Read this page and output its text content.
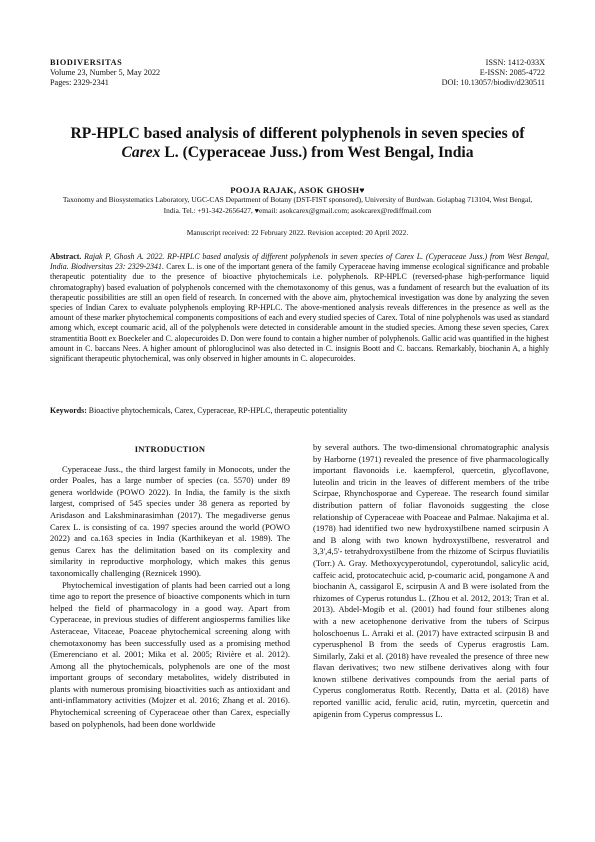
BIODIVERSITAS
Volume 23, Number 5, May 2022
Pages: 2329-2341
ISSN: 1412-033X
E-ISSN: 2085-4722
DOI: 10.13057/biodiv/d230511
RP-HPLC based analysis of different polyphenols in seven species of
Carex L. (Cyperaceae Juss.) from West Bengal, India
POOJA RAJAK, ASOK GHOSH♥
Taxonomy and Biosystematics Laboratory, UGC-CAS Department of Botany (DST-FIST sponsored), University of Burdwan. Golapbag 713104, West Bengal, India. Tel.: +91-342-2656427, ♥email: asokcarex@gmail.com; asokcarex@rediffmail.com
Manuscript received: 22 February 2022. Revision accepted: 20 April 2022.
Abstract. Rajak P, Ghosh A. 2022. RP-HPLC based analysis of different polyphenols in seven species of Carex L. (Cyperaceae Juss.) from West Bengal, India. Biodiversitas 23: 2329-2341. Carex L. is one of the important genera of the family Cyperaceae having immense ecological significance and probable therapeutic potentiality due to the presence of bioactive phytochemicals i.e. polyphenols. RP-HPLC (reversed-phase high-performance liquid chromatography) based evaluation of polyphenols concerned with the chemotaxonomy of this genus, was a fundament of research but the evaluation of its therapeutic possibilities are still an open field of research. In concerned with the above aim, phytochemical investigation was done by analyzing the seven species of Indian Carex to evaluate polyphenols employing RP-HPLC. The above-mentioned analysis reveals differences in the presence as well as the amount of these marker phytochemical components compositions of each and every studied species of Carex. Total of nine polyphenols was used as standard among which, except coumaric acid, all of the polyphenols were detected in considerable amount in the studied species. Among these seven species, Carex stramentitia Boott ex Boeckeler and C. alopecuroides D. Don were found to contain a higher number of polyphenols. Gallic acid was quantified in the highest amount in C. baccans Nees. A higher amount of phloroglucinol was also detected in C. insignis Boott and C. baccans. Remarkably, biochanin A, a highly significant therapeutic phytochemical, was only observed in higher amounts in C. alopecuroides.
Keywords: Bioactive phytochemicals, Carex, Cyperaceae, RP-HPLC, therapeutic potentiality
INTRODUCTION

Cyperaceae Juss., the third largest family in Monocots, under the order Poales, has a large number of species (ca. 5570) under 89 genera worldwide (POWO 2022). In India, the family is the sixth largest, comprised of 545 species under 38 genera as reported by Arisdason and Lakshminarasimhan (2017). The megadiverse genus Carex L. is consisting of ca. 1997 species around the world (POWO 2022) and ca.163 species in India (Karthikeyan et al. 1989). The genus Carex has the delimitation based on its complexity and similarity in reproductive morphology, which makes this genus taxonomically challenging (Reznicek 1990).

Phytochemical investigation of plants had been carried out a long time ago to report the presence of bioactive components which in turn helped the field of pharmacology in a good way. Apart from Cyperaceae, in previous studies of different angiosperms families like Asteraceae, Vitaceae, Poaceae phytochemical screening along with chemotaxonomy has been successfully used as a promising method (Emerenciano et al. 2001; Mika et al. 2005; Rivière et al. 2012). Among all the phytochemicals, polyphenols are one of the most important groups of secondary metabolites, widely distributed in plants with numerous promising bioactivities such as antioxidant and anti-inflammatory activities (Mojzer et al. 2016; Zhang et al. 2016). Phytochemical screening of Cyperaceae other than Carex, especially based on polyphenols, had been done worldwide

by several authors. The two-dimensional chromatographic analysis by Harborne (1971) revealed the presence of five pharmacologically important flavonoids i.e. kaempferol, quercetin, glycoflavone, luteolin and tricin in the leaves of different members of the tribe Scirpae, Rhynchosporae and Cypereae. The research found similar distribution pattern of foliar flavonoids suggesting the close relationship of Cyperaceae with Poaceae and Palmae. Nakajima et al. (1978) had identified two new hydroxystilbene named scirpusin A and B along with two known hydroxystilbene, resveratrol and 3,3',4,5'- tetrahydroxystilbene from the rhizome of Scirpus fluviatilis (Torr.) A. Gray. Methoxycyperotundol, cyperotundol, salicylic acid, caffeic acid, protocatechuic acid, p-coumaric acid, pongamone A and biochanin A, cassigarol E, scirpusin A and B were isolated from the rhizomes of Cyperus rotundus L. (Zhou et al. 2012, 2013; Tran et al. 2013). Abdel-Mogib et al. (2001) had found four stilbenes along with a new acetophenone derivative from the tubers of Scirpus holoschoenus L. Arraki et al. (2017) have extracted scirpusin B and cyperusphenol B from the seeds of Cyperus eragrostis Lam. Similarly, Zaki et al. (2018) have revealed the presence of three new flavan derivatives; two new stilbene derivatives along with four known stilbene derivatives compounds from the aerial parts of Cyperus conglomeratus Rottb. Recently, Datta et al. (2018) have reported vanillic acid, ferulic acid, rutin, myrcetin, quercetin and apigenin from Cyperus compressus L.
